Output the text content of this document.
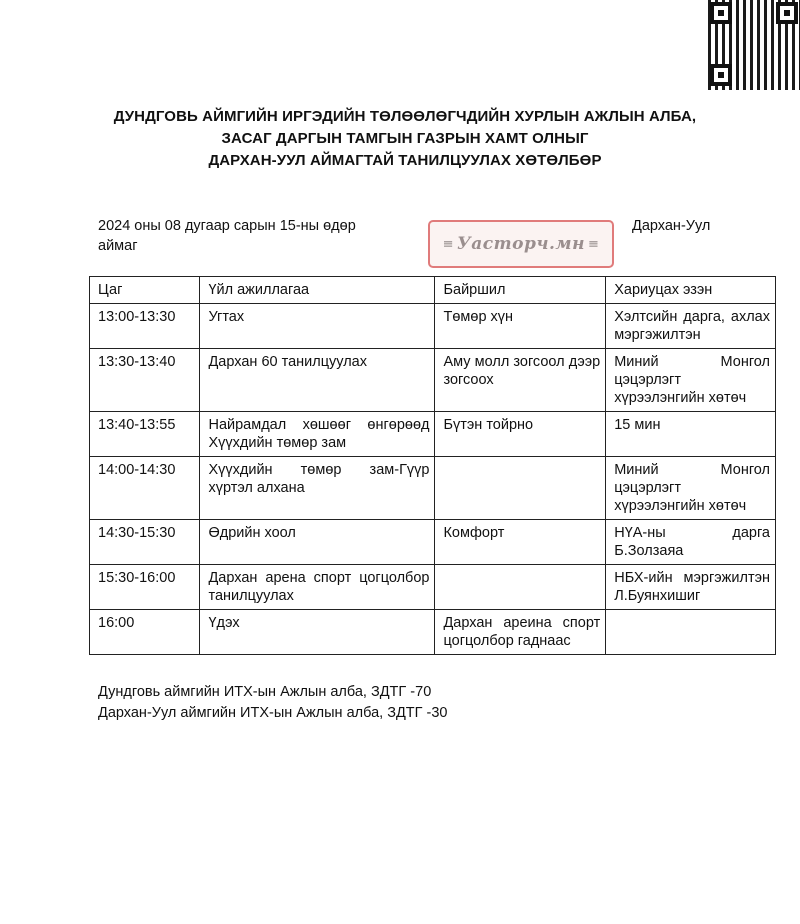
ДУНДГОВЬ АЙМГИЙН ИРГЭДИЙН ТӨЛӨӨЛӨГЧДИЙН ХУРЛЫН АЖЛЫН АЛБА,
ЗАСАГ ДАРГЫН ТАМГЫН ГАЗРЫН ХАМТ ОЛНЫГ
ДАРХАН-УУЛ АЙМАГТАЙ ТАНИЛЦУУЛАХ ХӨТӨЛБӨР
2024 оны 08 дугаар сарын 15-ны өдөр
аймаг
Дархан-Уул
≡ Уасторч.мн ≡
Цаг	Үйл ажиллагаа	Байршил	Хариуцах эзэн
13:00-13:30	Угтах	Төмөр хүн	Хэлтсийн дарга, ахлах мэргэжилтэн
13:30-13:40	Дархан 60 танилцуулах	Аму молл зогсоол дээр зогсоох	Миний Монгол цэцэрлэгт хүрээлэнгийн хөтөч
13:40-13:55	Найрамдал хөшөөг өнгөрөөд Хүүхдийн төмөр зам	Бүтэн тойрно	15 мин
14:00-14:30	Хүүхдийн төмөр зам-Гүүр хүртэл алхана		Миний Монгол цэцэрлэгт хүрээлэнгийн хөтөч
14:30-15:30	Өдрийн хоол	Комфорт	НҮА-ны дарга Б.Золзаяа
15:30-16:00	Дархан арена спорт цогцолбор танилцуулах		НБХ-ийн мэргэжилтэн Л.Буянхишиг
16:00	Үдэх	Дархан ареина спорт цогцолбор гаднаас	
Дундговь аймгийн ИТХ-ын Ажлын алба, ЗДТГ -70
Дархан-Уул аймгийн ИТХ-ын Ажлын алба, ЗДТГ -30
